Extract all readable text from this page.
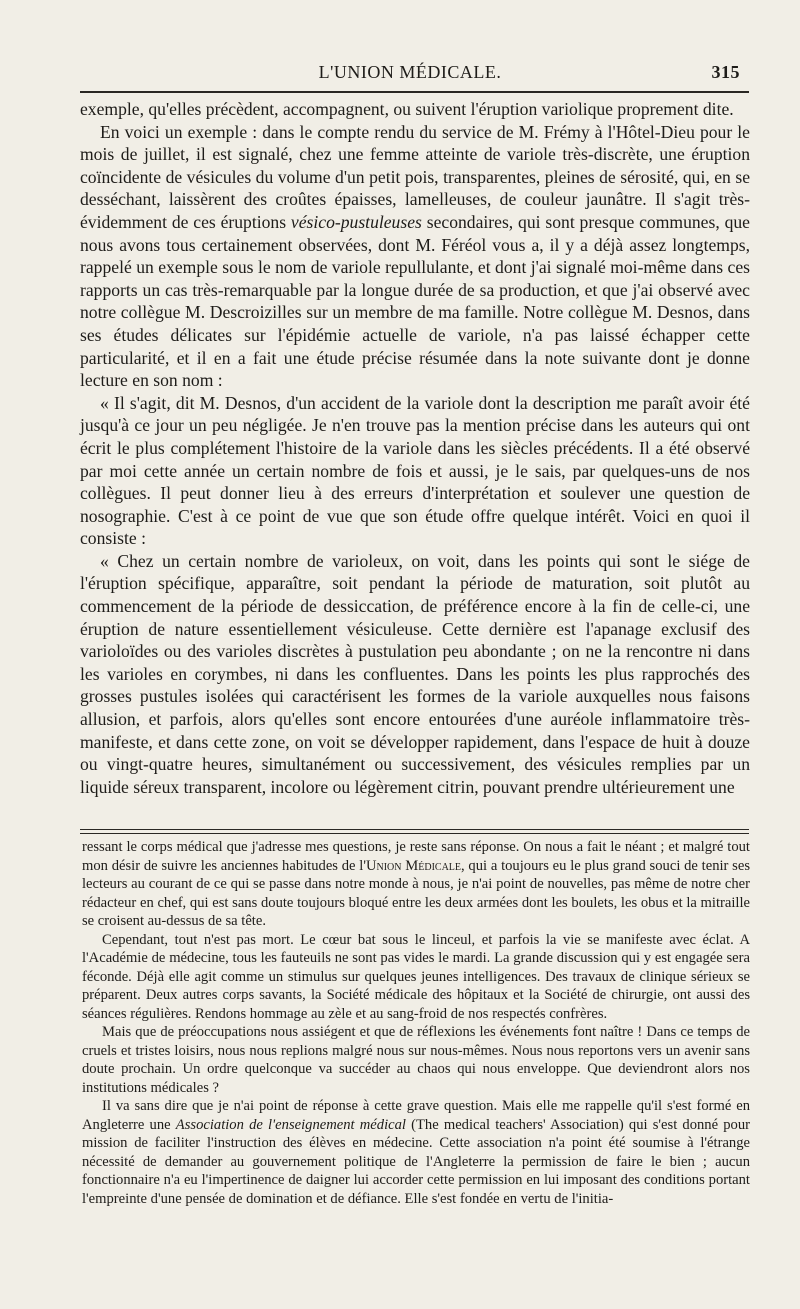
L'UNION MÉDICALE.	315

exemple, qu'elles précèdent, accompagnent, ou suivent l'éruption variolique proprement dite.

En voici un exemple : dans le compte rendu du service de M. Frémy à l'Hôtel-Dieu pour le mois de juillet, il est signalé, chez une femme atteinte de variole très-discrète, une éruption coïncidente de vésicules du volume d'un petit pois, transparentes, pleines de sérosité, qui, en se desséchant, laissèrent des croûtes épaisses, lamelleuses, de couleur jaunâtre. Il s'agit très-évidemment de ces éruptions vésico-pustuleuses secondaires, qui sont presque communes, que nous avons tous certainement observées, dont M. Féréol vous a, il y a déjà assez longtemps, rappelé un exemple sous le nom de variole repullulante, et dont j'ai signalé moi-même dans ces rapports un cas très-remarquable par la longue durée de sa production, et que j'ai observé avec notre collègue M. Descroizilles sur un membre de ma famille. Notre collègue M. Desnos, dans ses études délicates sur l'épidémie actuelle de variole, n'a pas laissé échapper cette particularité, et il en a fait une étude précise résumée dans la note suivante dont je donne lecture en son nom :

« Il s'agit, dit M. Desnos, d'un accident de la variole dont la description me paraît avoir été jusqu'à ce jour un peu négligée. Je n'en trouve pas la mention précise dans les auteurs qui ont écrit le plus complétement l'histoire de la variole dans les siècles précédents. Il a été observé par moi cette année un certain nombre de fois et aussi, je le sais, par quelques-uns de nos collègues. Il peut donner lieu à des erreurs d'interprétation et soulever une question de nosographie. C'est à ce point de vue que son étude offre quelque intérêt. Voici en quoi il consiste :

« Chez un certain nombre de varioleux, on voit, dans les points qui sont le siége de l'éruption spécifique, apparaître, soit pendant la période de maturation, soit plutôt au commencement de la période de dessiccation, de préférence encore à la fin de celle-ci, une éruption de nature essentiellement vésiculeuse. Cette dernière est l'apanage exclusif des varioloïdes ou des varioles discrètes à pustulation peu abondante ; on ne la rencontre ni dans les varioles en corymbes, ni dans les confluentes. Dans les points les plus rapprochés des grosses pustules isolées qui caractérisent les formes de la variole auxquelles nous faisons allusion, et parfois, alors qu'elles sont encore entourées d'une auréole inflammatoire très-manifeste, et dans cette zone, on voit se développer rapidement, dans l'espace de huit à douze ou vingt-quatre heures, simultanément ou successivement, des vésicules remplies par un liquide séreux transparent, incolore ou légèrement citrin, pouvant prendre ultérieurement une

ressant le corps médical que j'adresse mes questions, je reste sans réponse. On nous a fait le néant ; et malgré tout mon désir de suivre les anciennes habitudes de l'Union Médicale, qui a toujours eu le plus grand souci de tenir ses lecteurs au courant de ce qui se passe dans notre monde à nous, je n'ai point de nouvelles, pas même de notre cher rédacteur en chef, qui est sans doute toujours bloqué entre les deux armées dont les boulets, les obus et la mitraille se croisent au-dessus de sa tête.

Cependant, tout n'est pas mort. Le cœur bat sous le linceul, et parfois la vie se manifeste avec éclat. A l'Académie de médecine, tous les fauteuils ne sont pas vides le mardi. La grande discussion qui y est engagée sera féconde. Déjà elle agit comme un stimulus sur quelques jeunes intelligences. Des travaux de clinique sérieux se préparent. Deux autres corps savants, la Société médicale des hôpitaux et la Société de chirurgie, ont aussi des séances régulières. Rendons hommage au zèle et au sang-froid de nos respectés confrères.

Mais que de préoccupations nous assiégent et que de réflexions les événements font naître ! Dans ce temps de cruels et tristes loisirs, nous nous replions malgré nous sur nous-mêmes. Nous nous reportons vers un avenir sans doute prochain. Un ordre quelconque va succéder au chaos qui nous enveloppe. Que deviendront alors nos institutions médicales ?

Il va sans dire que je n'ai point de réponse à cette grave question. Mais elle me rappelle qu'il s'est formé en Angleterre une Association de l'enseignement médical (The medical teachers' Association) qui s'est donné pour mission de faciliter l'instruction des élèves en médecine. Cette association n'a point été soumise à l'étrange nécessité de demander au gouvernement politique de l'Angleterre la permission de faire le bien ; aucun fonctionnaire n'a eu l'impertinence de daigner lui accorder cette permission en lui imposant des conditions portant l'empreinte d'une pensée de domination et de défiance. Elle s'est fondée en vertu de l'initia-
